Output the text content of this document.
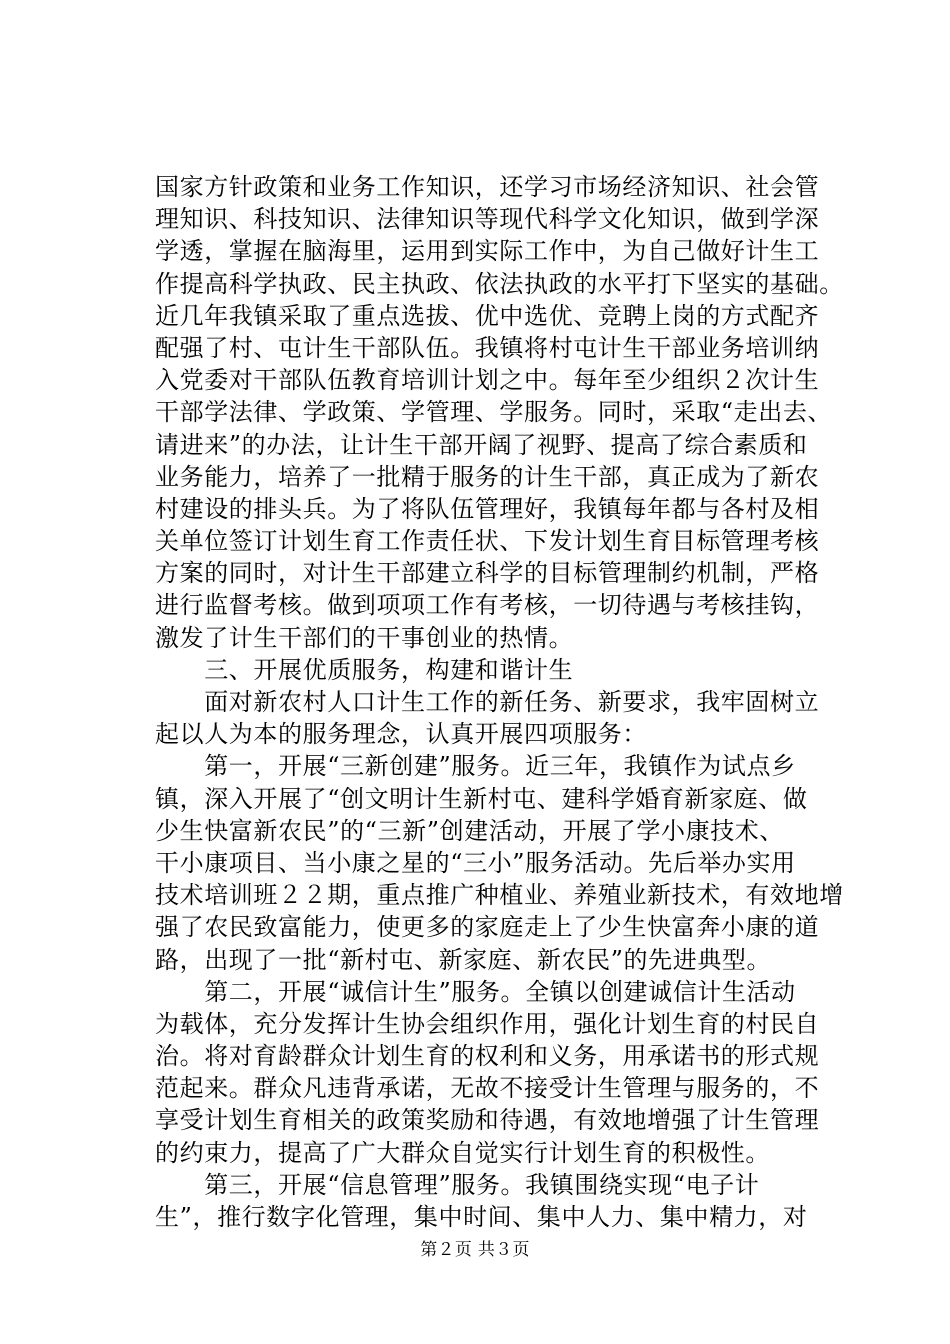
国家方针政策和业务工作知识，还学习市场经济知识、社会管
理知识、科技知识、法律知识等现代科学文化知识，做到学深
学透，掌握在脑海里，运用到实际工作中，为自己做好计生工
作提高科学执政、民主执政、依法执政的水平打下坚实的基础。
近几年我镇采取了重点选拔、优中选优、竞聘上岗的方式配齐
配强了村、屯计生干部队伍。我镇将村屯计生干部业务培训纳
入党委对干部队伍教育培训计划之中。每年至少组织２次计生
干部学法律、学政策、学管理、学服务。同时，采取“走出去、
请进来”的办法，让计生干部开阔了视野、提高了综合素质和
业务能力，培养了一批精于服务的计生干部，真正成为了新农
村建设的排头兵。为了将队伍管理好，我镇每年都与各村及相
关单位签订计划生育工作责任状、下发计划生育目标管理考核
方案的同时，对计生干部建立科学的目标管理制约机制，严格
进行监督考核。做到项项工作有考核，一切待遇与考核挂钩，
激发了计生干部们的干事创业的热情。
　　三、开展优质服务，构建和谐计生
　　面对新农村人口计生工作的新任务、新要求，我牢固树立
起以人为本的服务理念，认真开展四项服务：
　　第一，开展“三新创建”服务。近三年，我镇作为试点乡
镇，深入开展了“创文明计生新村屯、建科学婚育新家庭、做
少生快富新农民”的“三新”创建活动，开展了学小康技术、
干小康项目、当小康之星的“三小”服务活动。先后举办实用
技术培训班２２期，重点推广种植业、养殖业新技术，有效地增
强了农民致富能力，使更多的家庭走上了少生快富奔小康的道
路，出现了一批“新村屯、新家庭、新农民”的先进典型。
　　第二，开展“诚信计生”服务。全镇以创建诚信计生活动
为载体，充分发挥计生协会组织作用，强化计划生育的村民自
治。将对育龄群众计划生育的权利和义务，用承诺书的形式规
范起来。群众凡违背承诺，无故不接受计生管理与服务的，不
享受计划生育相关的政策奖励和待遇，有效地增强了计生管理
的约束力，提高了广大群众自觉实行计划生育的积极性。
　　第三，开展“信息管理”服务。我镇围绕实现“电子计
生”，推行数字化管理，集中时间、集中人力、集中精力，对
第２页 共３页
